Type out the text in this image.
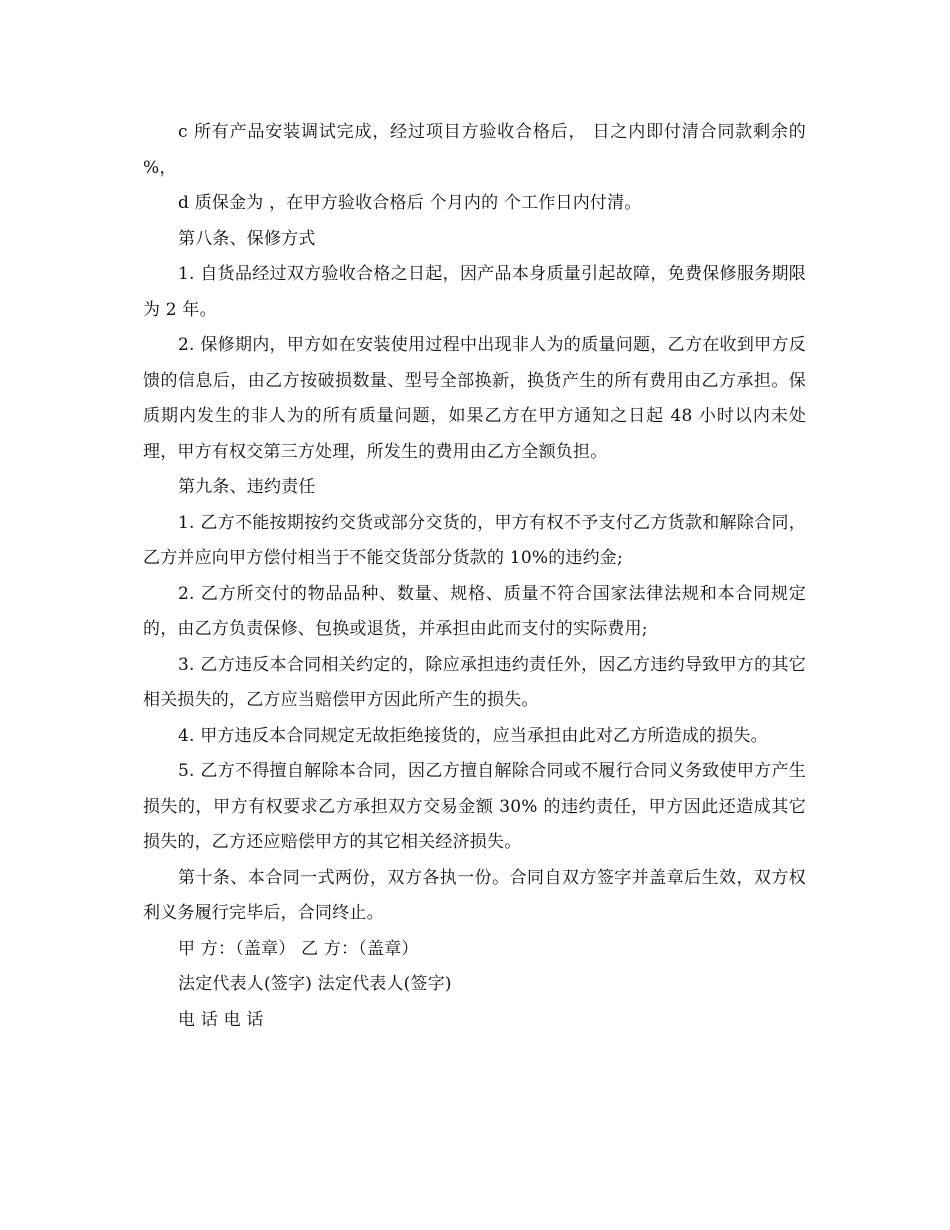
c 所有产品安装调试完成，经过项目方验收合格后， 日之内即付清合同款剩余的 %，

d 质保金为 ，在甲方验收合格后 个月内的 个工作日内付清。

第八条、保修方式

1. 自货品经过双方验收合格之日起，因产品本身质量引起故障，免费保修服务期限为 2 年。

2. 保修期内，甲方如在安装使用过程中出现非人为的质量问题，乙方在收到甲方反馈的信息后，由乙方按破损数量、型号全部换新，换货产生的所有费用由乙方承担。保质期内发生的非人为的所有质量问题，如果乙方在甲方通知之日起 48 小时以内未处理，甲方有权交第三方处理，所发生的费用由乙方全额负担。

第九条、违约责任

1. 乙方不能按期按约交货或部分交货的，甲方有权不予支付乙方货款和解除合同，乙方并应向甲方偿付相当于不能交货部分货款的 10%的违约金;

2. 乙方所交付的物品品种、数量、规格、质量不符合国家法律法规和本合同规定的，由乙方负责保修、包换或退货，并承担由此而支付的实际费用;

3. 乙方违反本合同相关约定的，除应承担违约责任外，因乙方违约导致甲方的其它相关损失的，乙方应当赔偿甲方因此所产生的损失。

4. 甲方违反本合同规定无故拒绝接货的，应当承担由此对乙方所造成的损失。

5. 乙方不得擅自解除本合同，因乙方擅自解除合同或不履行合同义务致使甲方产生损失的，甲方有权要求乙方承担双方交易金额 30% 的违约责任，甲方因此还造成其它损失的，乙方还应赔偿甲方的其它相关经济损失。

第十条、本合同一式两份，双方各执一份。合同自双方签字并盖章后生效，双方权利义务履行完毕后，合同终止。

甲 方：（盖章） 乙 方：（盖章）

法定代表人(签字) 法定代表人(签字)

电 话 电 话
